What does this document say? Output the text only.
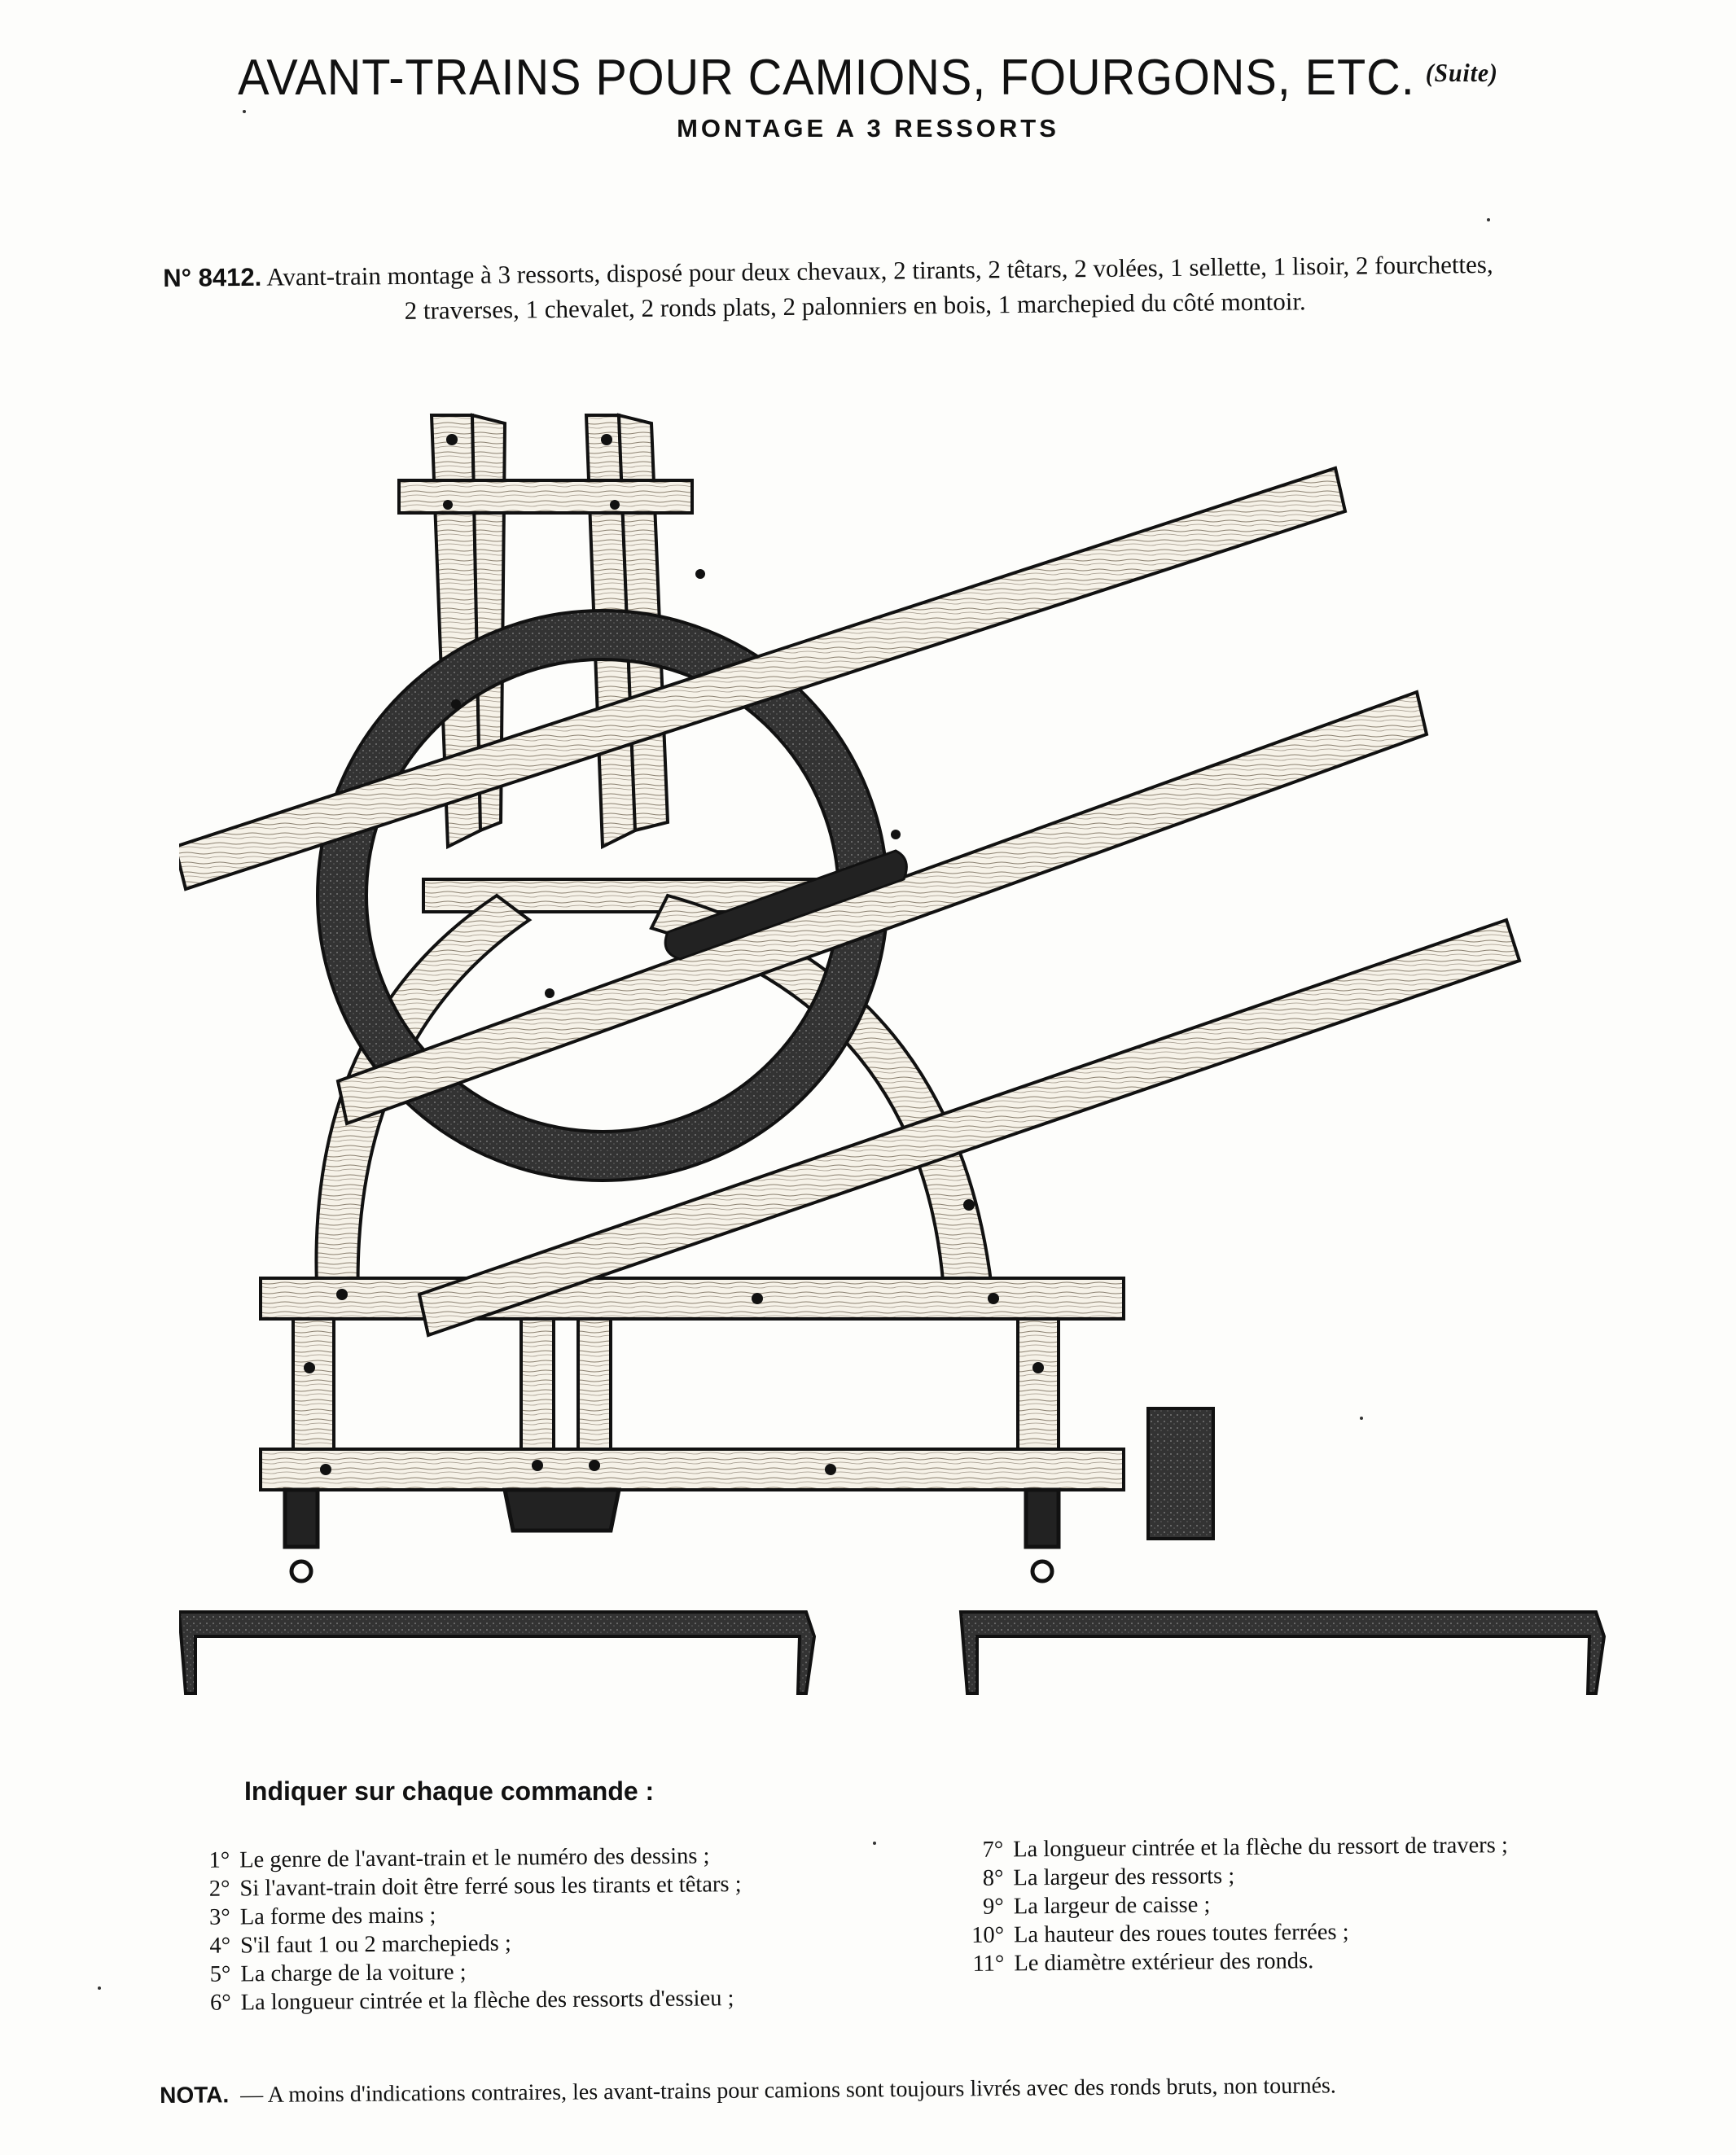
AVANT-TRAINS POUR CAMIONS, FOURGONS, ETC. $^{(Suite)}$
MONTAGE A 3 RESSORTS
N° 8412. Avant-train montage à 3 ressorts, disposé pour deux chevaux, 2 tirants, 2 têtars, 2 volées, 1 sellette, 1 lisoir, 2 fourchettes,
2 traverses, 1 chevalet, 2 ronds plats, 2 palonniers en bois, 1 marchepied du côté montoir.
Indiquer sur chaque commande :
1° Le genre de l'avant-train et le numéro des dessins ;
2° Si l'avant-train doit être ferré sous les tirants et têtars ;
3° La forme des mains ;
4° S'il faut 1 ou 2 marchepieds ;
5° La charge de la voiture ;
6° La longueur cintrée et la flèche des ressorts d'essieu ;
7° La longueur cintrée et la flèche du ressort de travers ;
8° La largeur des ressorts ;
9° La largeur de caisse ;
10° La hauteur des roues toutes ferrées ;
11° Le diamètre extérieur des ronds.
NOTA. — A moins d'indications contraires, les avant-trains pour camions sont toujours livrés avec des ronds bruts, non tournés.
